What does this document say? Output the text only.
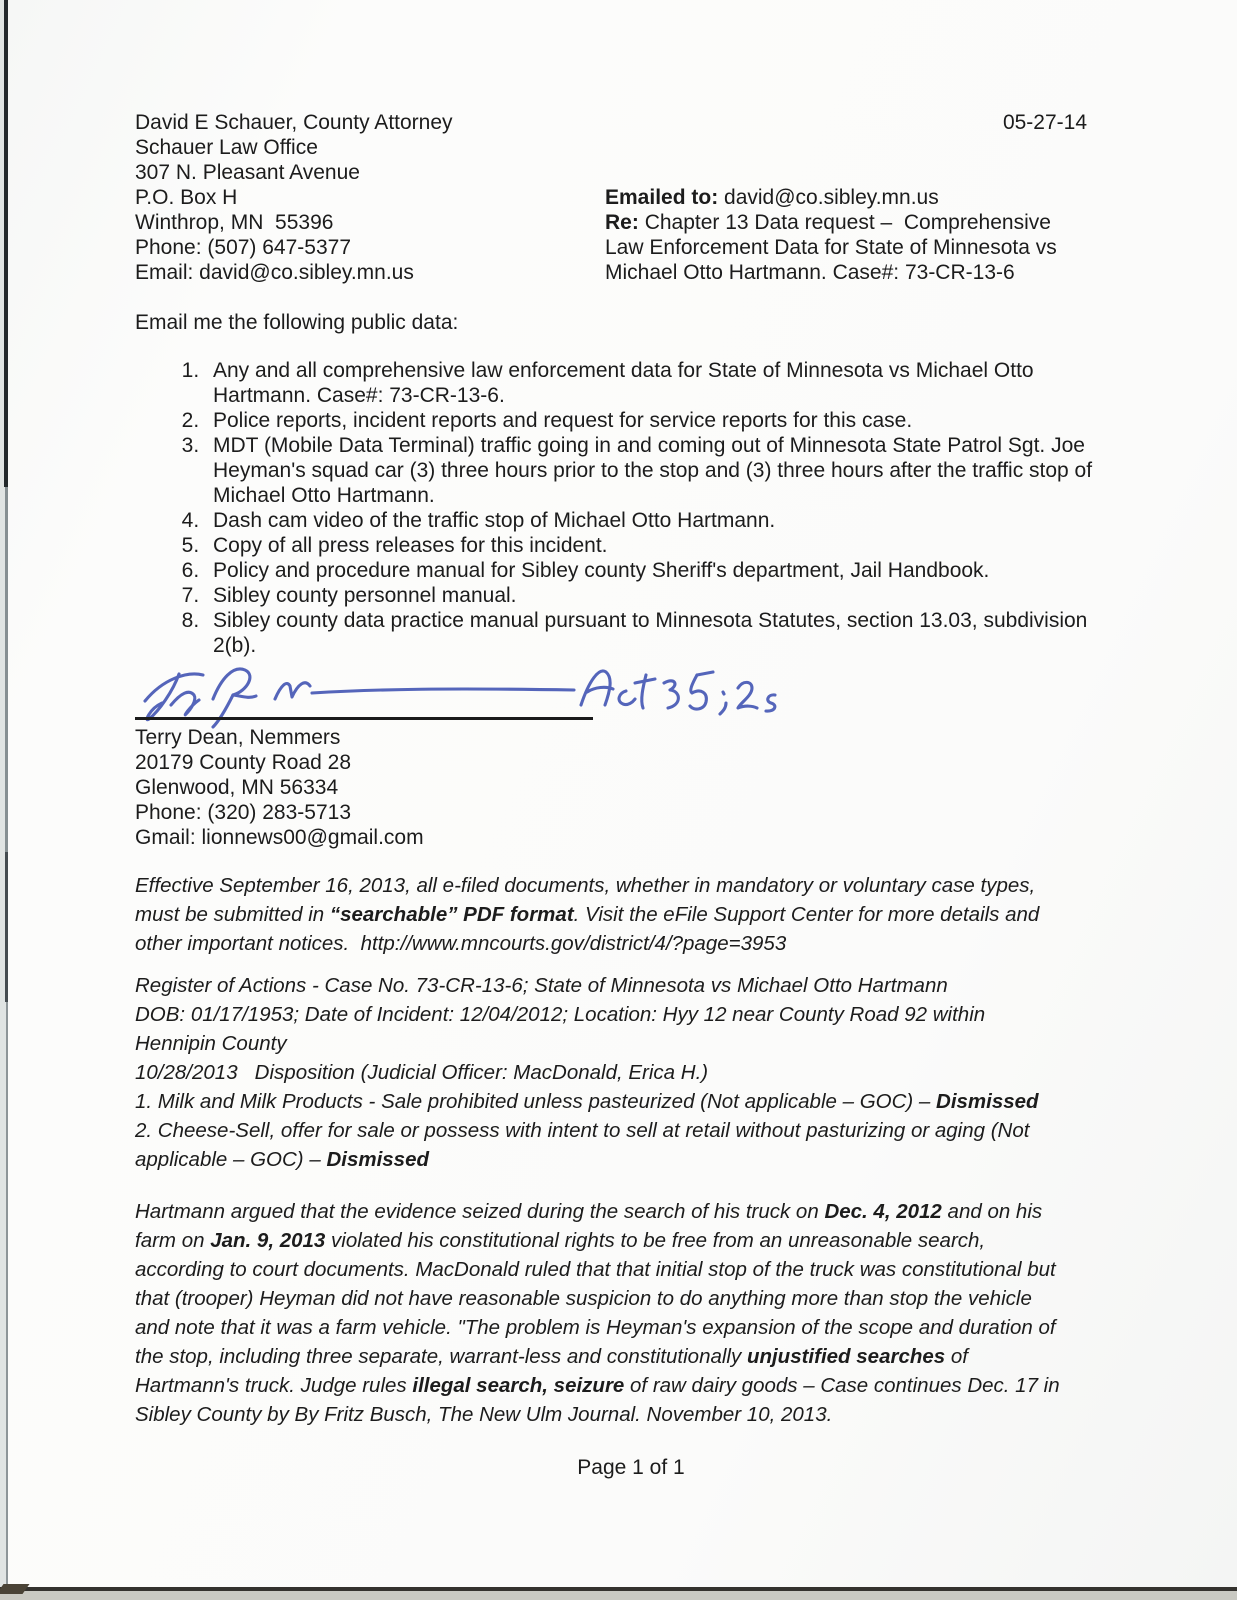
David E Schauer, County Attorney
Schauer Law Office
307 N. Pleasant Avenue
P.O. Box H
Winthrop, MN  55396
Phone: (507) 647-5377
Email: david@co.sibley.mn.us
05-27-14
Emailed to: david@co.sibley.mn.us
Re: Chapter 13 Data request –  Comprehensive
Law Enforcement Data for State of Minnesota vs
Michael Otto Hartmann. Case#: 73-CR-13-6
Email me the following public data:
1. Any and all comprehensive law enforcement data for State of Minnesota vs Michael Otto Hartmann. Case#: 73-CR-13-6.
2. Police reports, incident reports and request for service reports for this case.
3. MDT (Mobile Data Terminal) traffic going in and coming out of Minnesota State Patrol Sgt. Joe Heyman's squad car (3) three hours prior to the stop and (3) three hours after the traffic stop of Michael Otto Hartmann.
4. Dash cam video of the traffic stop of Michael Otto Hartmann.
5. Copy of all press releases for this incident.
6. Policy and procedure manual for Sibley county Sheriff's department, Jail Handbook.
7. Sibley county personnel manual.
8. Sibley county data practice manual pursuant to Minnesota Statutes, section 13.03, subdivision 2(b).
Terry Dean, Nemmers
20179 County Road 28
Glenwood, MN 56334
Phone: (320) 283-5713
Gmail: lionnews00@gmail.com
Effective September 16, 2013, all e-filed documents, whether in mandatory or voluntary case types,
must be submitted in “searchable” PDF format. Visit the eFile Support Center for more details and
other important notices.  http://www.mncourts.gov/district/4/?page=3953
Register of Actions - Case No. 73-CR-13-6; State of Minnesota vs Michael Otto Hartmann
DOB: 01/17/1953; Date of Incident: 12/04/2012; Location: Hyy 12 near County Road 92 within
Hennipin County
10/28/2013   Disposition (Judicial Officer: MacDonald, Erica H.)
1. Milk and Milk Products - Sale prohibited unless pasteurized (Not applicable – GOC) – Dismissed
2. Cheese-Sell, offer for sale or possess with intent to sell at retail without pasturizing or aging (Not
applicable – GOC) – Dismissed
Hartmann argued that the evidence seized during the search of his truck on Dec. 4, 2012 and on his
farm on Jan. 9, 2013 violated his constitutional rights to be free from an unreasonable search,
according to court documents. MacDonald ruled that that initial stop of the truck was constitutional but
that (trooper) Heyman did not have reasonable suspicion to do anything more than stop the vehicle
and note that it was a farm vehicle. "The problem is Heyman's expansion of the scope and duration of
the stop, including three separate, warrant-less and constitutionally unjustified searches of
Hartmann's truck. Judge rules illegal search, seizure of raw dairy goods – Case continues Dec. 17 in
Sibley County by By Fritz Busch, The New Ulm Journal. November 10, 2013.
Page 1 of 1
